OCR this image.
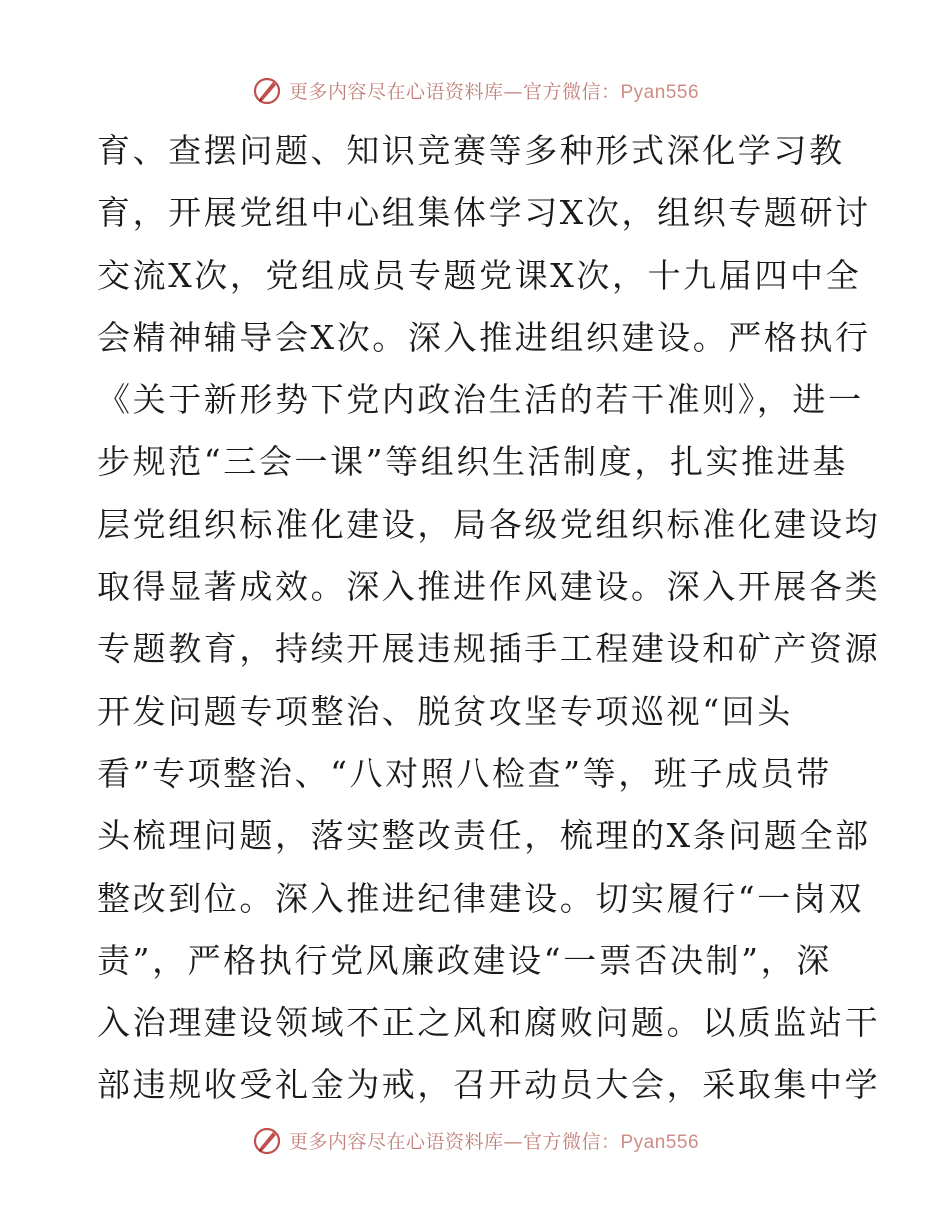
更多内容尽在心语资料库—官方微信：Pyan556
育、查摆问题、知识竞赛等多种形式深化学习教
育，开展党组中心组集体学习X次，组织专题研讨
交流X次，党组成员专题党课X次，十九届四中全
会精神辅导会X次。深入推进组织建设。严格执行
《关于新形势下党内政治生活的若干准则》，进一
步规范“三会一课”等组织生活制度，扎实推进基
层党组织标准化建设，局各级党组织标准化建设均
取得显著成效。深入推进作风建设。深入开展各类
专题教育，持续开展违规插手工程建设和矿产资源
开发问题专项整治、脱贫攻坚专项巡视“回头
看”专项整治、“八对照八检查”等，班子成员带
头梳理问题，落实整改责任，梳理的X条问题全部
整改到位。深入推进纪律建设。切实履行“一岗双
责”，严格执行党风廉政建设“一票否决制”，深
入治理建设领域不正之风和腐败问题。以质监站干
部违规收受礼金为戒，召开动员大会，采取集中学
更多内容尽在心语资料库—官方微信：Pyan556
